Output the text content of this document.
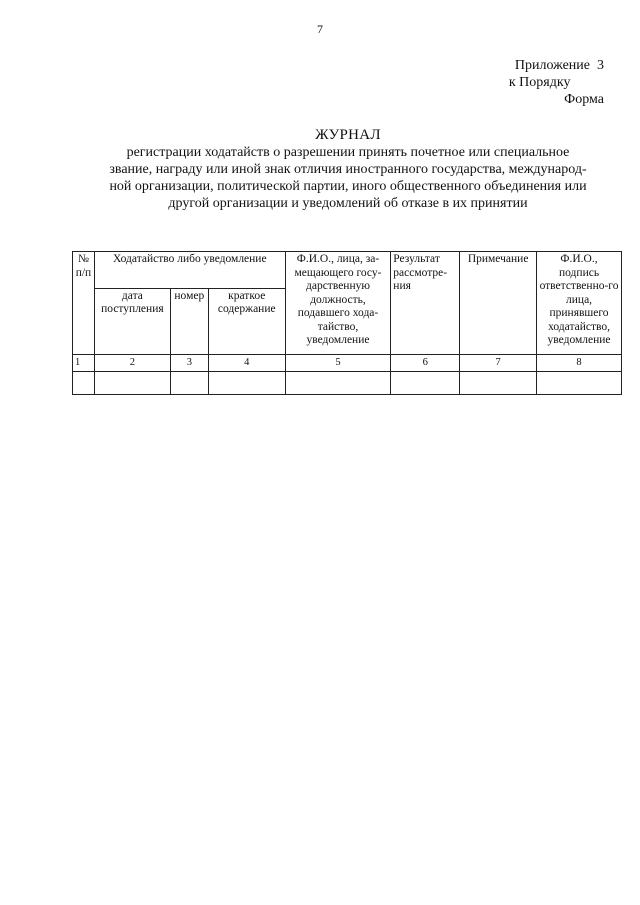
7
Приложение  3
к Порядку
Форма
ЖУРНАЛ
регистрации ходатайств о разрешении принять почетное или специальное
звание, награду или иной знак отличия иностранного государства, международ-
ной организации, политической партии, иного общественного объединения или
другой организации и уведомлений об отказе в их принятии
№ п/п	Ходатайство либо уведомление			Ф.И.О., лица, за-мещающего госу-дарственную должность, подавшего хода-тайство, уведомление	Результат рассмотре-ния	Примечание	Ф.И.О., подпись ответственно-го лица, принявшего ходатайство, уведомление
	дата поступления	номер	краткое содержание				
1	2	3	4	5	6	7	8
